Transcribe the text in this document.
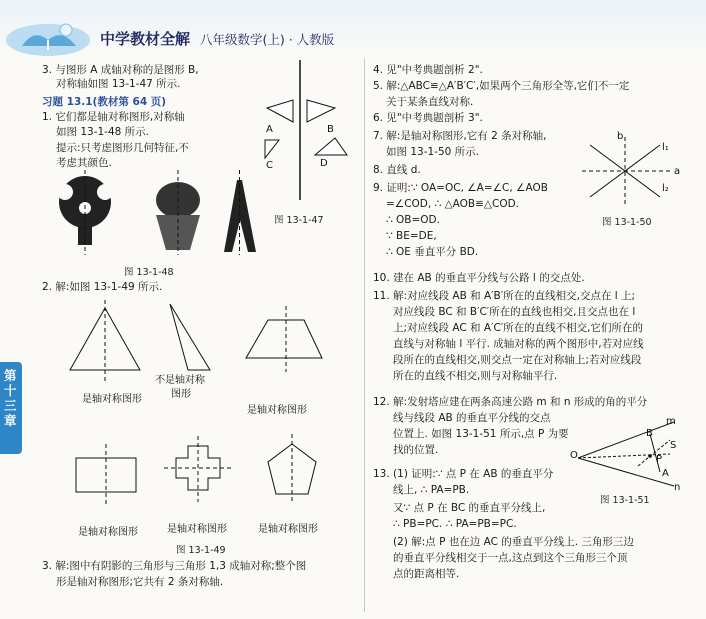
中学教材全解 八年级数学(上) · 人教版
第十三章
3. 与图形 A 成轴对称的是图形 B,
对称轴如图 13-1-47 所示.
习题 13.1(教材第 64 页)
1. 它们都是轴对称图形,对称轴
如图 13-1-48 所示.
提示:只考虑图形几何特征,不
考虑其颜色.
A	B
C	D
图 13-1-47
图 13-1-48
2. 解:如图 13-1-49 所示.
是轴对称图形
不是轴对称
图形
是轴对称图形
是轴对称图形	是轴对称图形	是轴对称图形
图 13-1-49
3. 解:图中有阴影的三角形与三角形 1,3 成轴对称;整个图
形是轴对称图形;它共有 2 条对称轴.
4. 见"中考典题剖析 2".
5. 解:△ABC≌△A′B′C′,如果两个三角形全等,它们不一定
关于某条直线对称.
6. 见"中考典题剖析 3".
7. 解:是轴对称图形,它有 2 条对称轴,
如图 13-1-50 所示.
8. 直线 d.
9. 证明:∵ OA=OC, ∠A=∠C, ∠AOB
=∠COD, ∴ △AOB≌△COD.
∴ OB=OD.
∵ BE=DE,
∴ OE 垂直平分 BD.
b
l₁
a
l₂
图 13-1-50
10. 建在 AB 的垂直平分线与公路 l 的交点处.
11. 解:对应线段 AB 和 A′B′所在的直线相交,交点在 l 上;
对应线段 BC 和 B′C′所在的直线也相交,且交点也在 l
上;对应线段 AC 和 A′C′所在的直线不相交,它们所在的
直线与对称轴 l 平行. 成轴对称的两个图形中,若对应线
段所在的直线相交,则交点一定在对称轴上;若对应线段
所在的直线不相交,则与对称轴平行.
12. 解:发射塔应建在两条高速公路 m 和 n 形成的角的平分
线与线段 AB 的垂直平分线的交点
位置上. 如图 13-1-51 所示,点 P 为要
找的位置.
m
B
S
O	P
A
n
图 13-1-51
13. (1) 证明:∵ 点 P 在 AB 的垂直平分
线上, ∴ PA=PB.
又∵ 点 P 在 BC 的垂直平分线上,
∴ PB=PC. ∴ PA=PB=PC.
(2) 解:点 P 也在边 AC 的垂直平分线上. 三角形三边
的垂直平分线相交于一点,这点到这个三角形三个顶
点的距离相等.
